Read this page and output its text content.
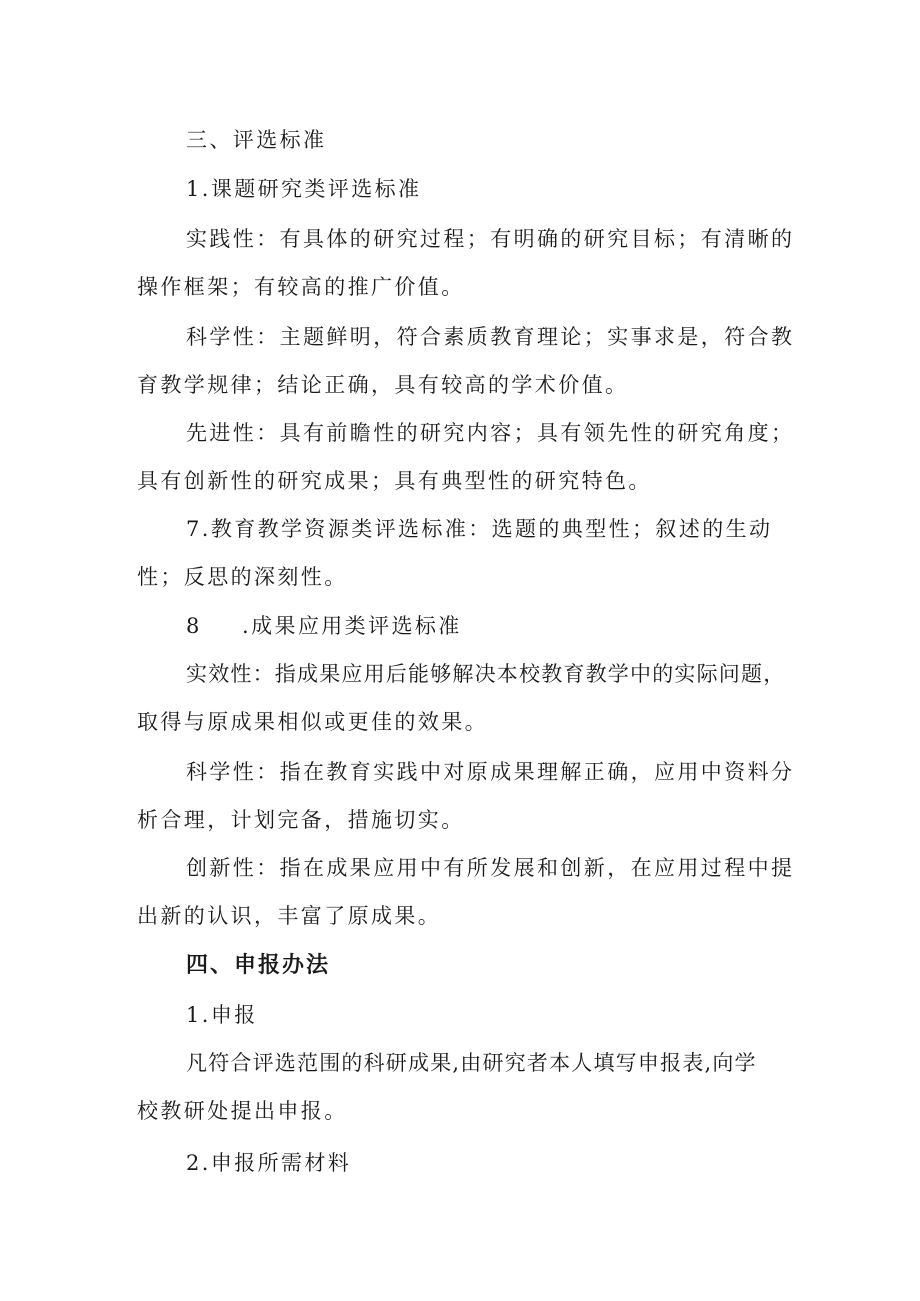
三、评选标准
1.课题研究类评选标准
实践性：有具体的研究过程；有明确的研究目标；有清晰的
操作框架；有较高的推广价值。
科学性：主题鲜明，符合素质教育理论；实事求是，符合教
育教学规律；结论正确，具有较高的学术价值。
先进性：具有前瞻性的研究内容；具有领先性的研究角度；
具有创新性的研究成果；具有典型性的研究特色。
7.教育教学资源类评选标准：选题的典型性；叙述的生动
性；反思的深刻性。
8 .成果应用类评选标准
实效性：指成果应用后能够解决本校教育教学中的实际问题，
取得与原成果相似或更佳的效果。
科学性：指在教育实践中对原成果理解正确，应用中资料分
析合理，计划完备，措施切实。
创新性：指在成果应用中有所发展和创新，在应用过程中提
出新的认识，丰富了原成果。
四、申报办法
1.申报
凡符合评选范围的科研成果,由研究者本人填写申报表,向学
校教研处提出申报。
2.申报所需材料
